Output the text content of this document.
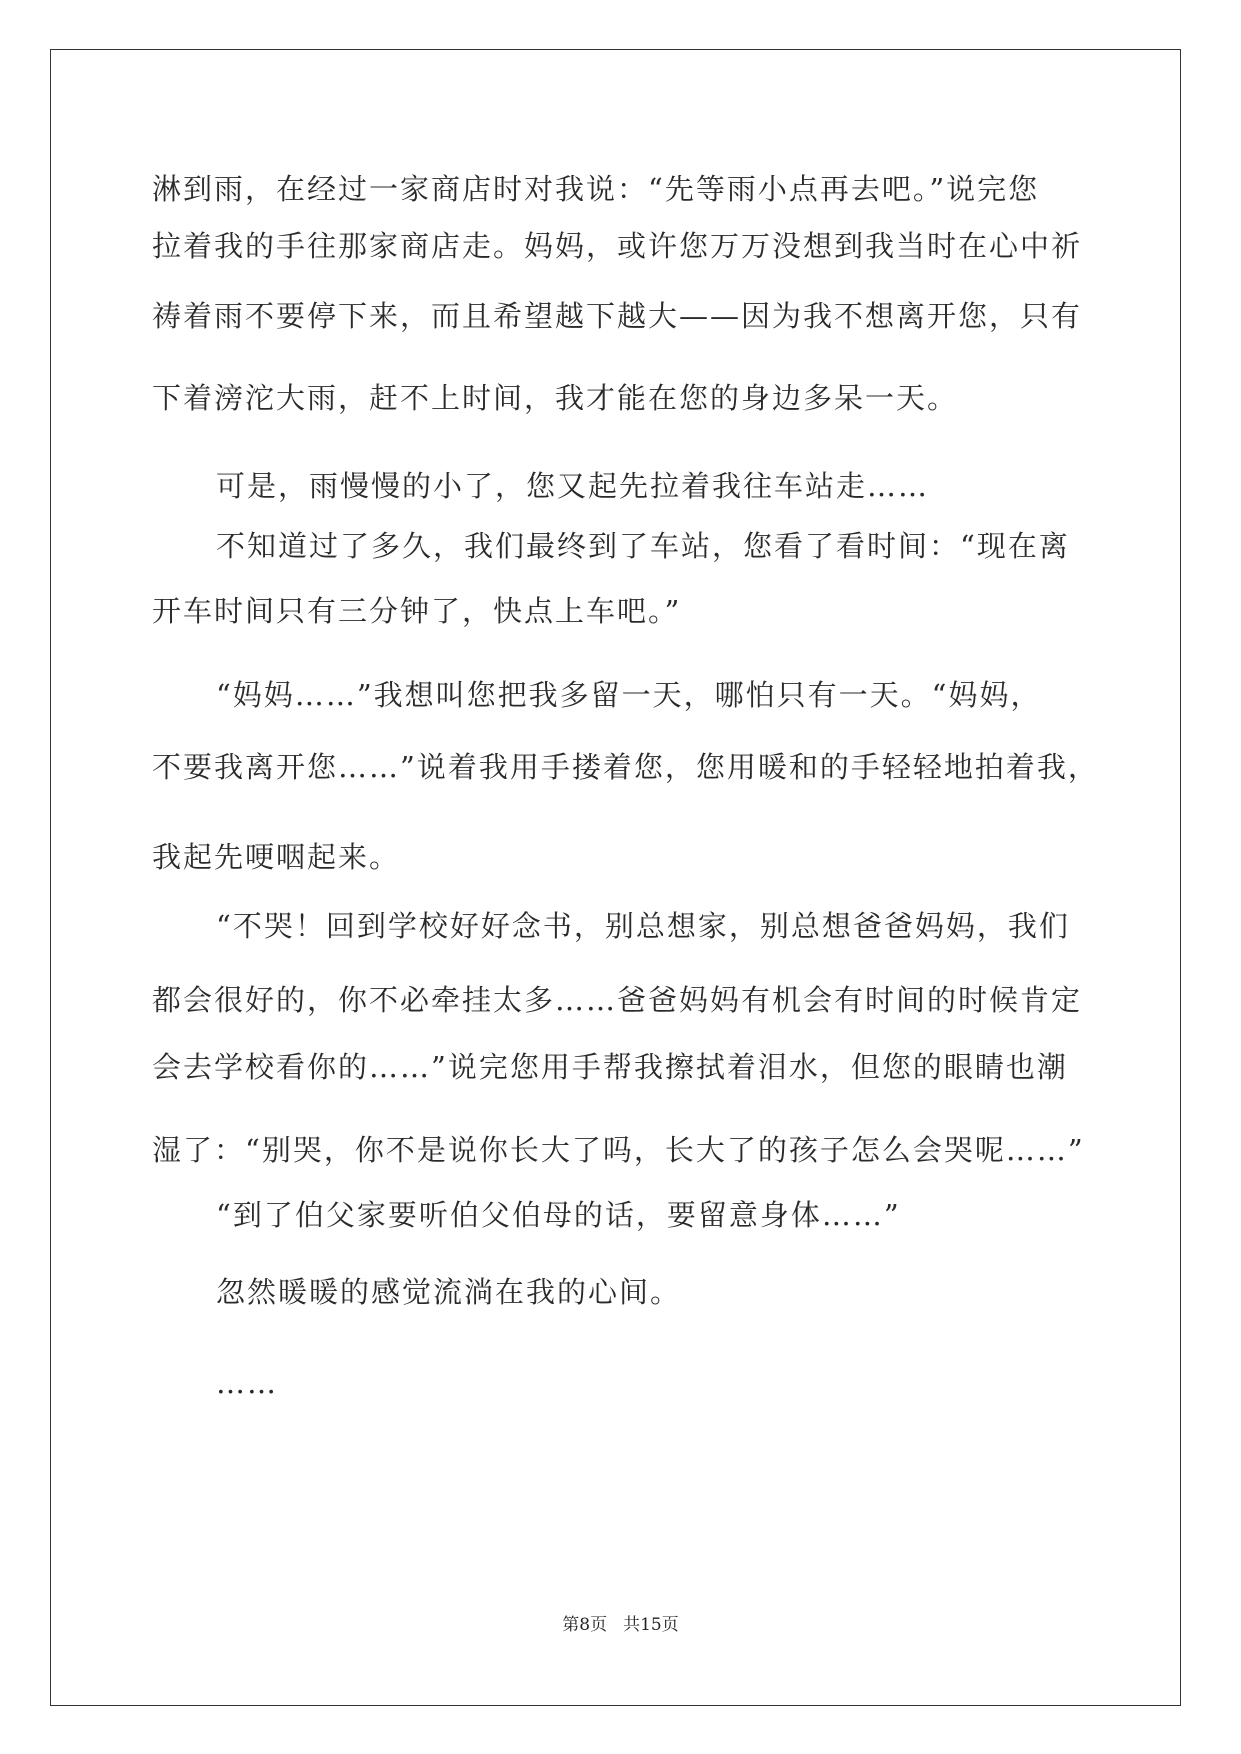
淋到雨，在经过一家商店时对我说：“先等雨小点再去吧。”说完您

拉着我的手往那家商店走。妈妈，或许您万万没想到我当时在心中祈

祷着雨不要停下来，而且希望越下越大——因为我不想离开您，只有

下着滂沱大雨，赶不上时间，我才能在您的身边多呆一天。

可是，雨慢慢的小了，您又起先拉着我往车站走……

不知道过了多久，我们最终到了车站，您看了看时间：“现在离

开车时间只有三分钟了，快点上车吧。”

“妈妈……”我想叫您把我多留一天，哪怕只有一天。“妈妈，

不要我离开您……”说着我用手搂着您，您用暖和的手轻轻地拍着我，

我起先哽咽起来。

“不哭！回到学校好好念书，别总想家，别总想爸爸妈妈，我们

都会很好的，你不必牵挂太多……爸爸妈妈有机会有时间的时候肯定

会去学校看你的……”说完您用手帮我擦拭着泪水，但您的眼睛也潮

湿了：“别哭，你不是说你长大了吗，长大了的孩子怎么会哭呢……”

“到了伯父家要听伯父伯母的话，要留意身体……”

忽然暖暖的感觉流淌在我的心间。

……

第8页 共15页
